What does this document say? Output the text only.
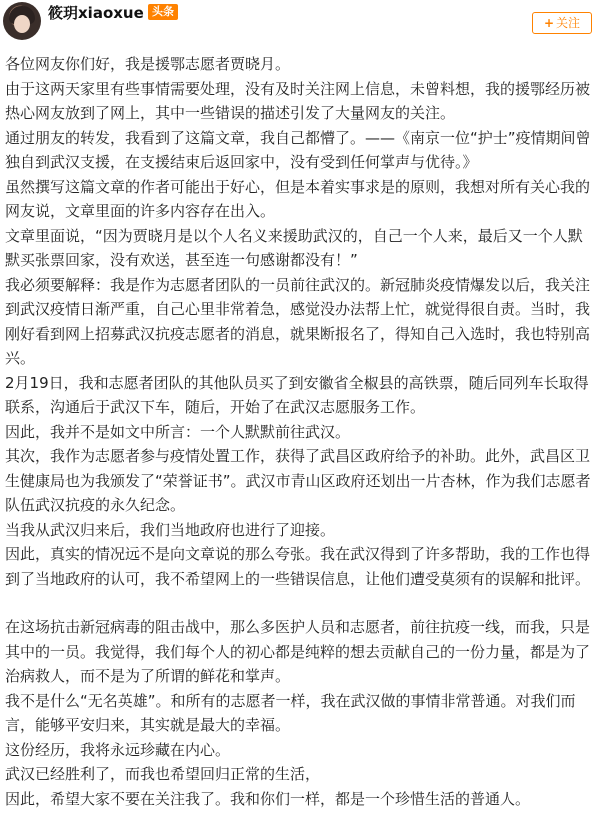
筱玥xiaoxue 头条
+ 关注

各位网友你们好，我是援鄂志愿者贾晓月。

由于这两天家里有些事情需要处理，没有及时关注网上信息，未曾料想，我的援鄂经历被热心网友放到了网上，其中一些错误的描述引发了大量网友的关注。

通过朋友的转发，我看到了这篇文章，我自己都懵了。——《南京一位“护士”疫情期间曾独自到武汉支援，在支援结束后返回家中，没有受到任何掌声与优待。》

虽然撰写这篇文章的作者可能出于好心，但是本着实事求是的原则，我想对所有关心我的网友说，文章里面的许多内容存在出入。

文章里面说，“因为贾晓月是以个人名义来援助武汉的，自己一个人来，最后又一个人默默买张票回家，没有欢送，甚至连一句感谢都没有！”

我必须要解释：我是作为志愿者团队的一员前往武汉的。新冠肺炎疫情爆发以后，我关注到武汉疫情日渐严重，自己心里非常着急，感觉没办法帮上忙，就觉得很自责。当时，我刚好看到网上招募武汉抗疫志愿者的消息，就果断报名了，得知自己入选时，我也特别高兴。

2月19日，我和志愿者团队的其他队员买了到安徽省全椒县的高铁票，随后同列车长取得联系，沟通后于武汉下车，随后，开始了在武汉志愿服务工作。

因此，我并不是如文中所言：一个人默默前往武汉。

其次，我作为志愿者参与疫情处置工作，获得了武昌区政府给予的补助。此外，武昌区卫生健康局也为我颁发了“荣誉证书”。武汉市青山区政府还划出一片杏林，作为我们志愿者队伍武汉抗疫的永久纪念。

当我从武汉归来后，我们当地政府也进行了迎接。

因此，真实的情况远不是向文章说的那么夸张。我在武汉得到了许多帮助，我的工作也得到了当地政府的认可，我不希望网上的一些错误信息，让他们遭受莫须有的误解和批评。

在这场抗击新冠病毒的阻击战中，那么多医护人员和志愿者，前往抗疫一线，而我，只是其中的一员。我觉得，我们每个人的初心都是纯粹的想去贡献自己的一份力量，都是为了治病救人，而不是为了所谓的鲜花和掌声。

我不是什么“无名英雄”。和所有的志愿者一样，我在武汉做的事情非常普通。对我们而言，能够平安归来，其实就是最大的幸福。

这份经历，我将永远珍藏在内心。

武汉已经胜利了，而我也希望回归正常的生活，

因此，希望大家不要在关注我了。我和你们一样，都是一个珍惜生活的普通人。
